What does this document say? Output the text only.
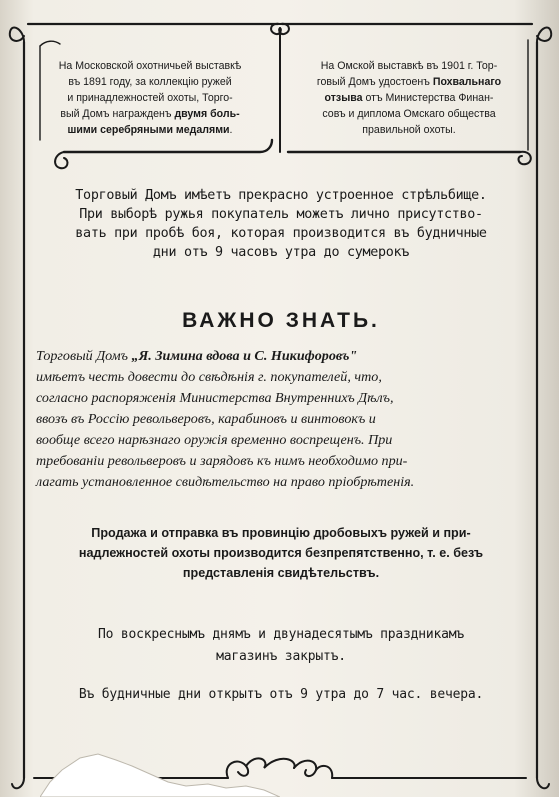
На Московской охотничьей выставкѣ
въ 1891 году, за коллекцію ружей
и принадлежностей охоты, Торго-
вый Домъ награжденъ двумя боль-
шими серебряными медалями.
На Омской выставкѣ въ 1901 г. Тор-
говый Домъ удостоенъ Похвальнаго
отзыва отъ Министерства Финан-
совъ и диплома Омскаго общества
правильной охоты.
Торговый Домъ имѣетъ прекрасно устроенное стрѣльбище.
При выборѣ ружья покупатель можетъ лично присутство-
вать при пробѣ боя, которая производится въ будничные
дни отъ 9 часовъ утра до сумерокъ
ВАЖНО ЗНАТЬ.
Торговый Домъ „Я. Зимина вдова и С. Никифоровъ"
имѣетъ честь довести до свѣдѣнія г. покупателей, что,
согласно распоряженія Министерства Внутреннихъ Дѣлъ,
ввозъ въ Россію револьверовъ, карабиновъ и винтовокъ и
вообще всего нарѣзнаго оружія временно воспрещенъ. При
требованіи револьверовъ и зарядовъ къ нимъ необходимо при-
лагать установленное свидѣтельство на право пріобрѣтенія.
Продажа и отправка въ провинцію дробовыхъ ружей и при-
надлежностей охоты производится безпрепятственно, т. е. безъ
представленія свидѣтельствъ.
По воскреснымъ днямъ и двунадесятымъ праздникамъ
магазинъ закрытъ.
Въ будничные дни открытъ отъ 9 утра до 7 час. вечера.
